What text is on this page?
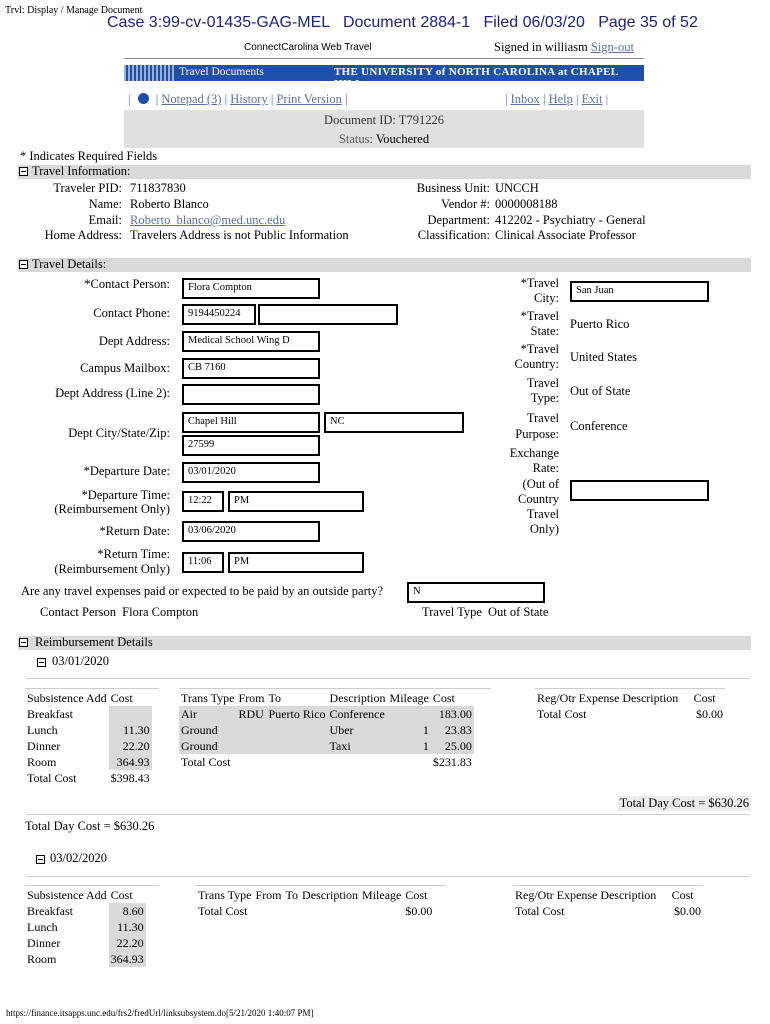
Trvl: Display / Manage Document
Case 3:99-cv-01435-GAG-MEL   Document 2884-1   Filed 06/03/20   Page 35 of 52
ConnectCarolina Web Travel	Signed in williasm Sign-out
Travel Documents	THE UNIVERSITY of NORTH CAROLINA at CHAPEL HILL
| | Notepad (3) | History | Print Version |	| Inbox | Help | Exit |
Document ID: T791226
Status: Vouchered
* Indicates Required Fields
Travel Information:
Traveler PID: 711837830
Name: Roberto Blanco
Email: Roberto_blanco@med.unc.edu
Home Address: Travelers Address is not Public Information
Business Unit: UNCCH
Vendor #: 0000008188
Department: 412202 - Psychiatry - General
Classification: Clinical Associate Professor
Travel Details:
*Contact Person:	Flora Compton
Contact Phone:	9194450224
Dept Address:	Medical School Wing D
Campus Mailbox:	CB 7160
Dept Address (Line 2):
Dept City/State/Zip:
Chapel Hill	NC
27599
*Departure Date:	03/01/2020
*Departure Time:
(Reimbursement Only)
12:22	PM
*Return Date:	03/06/2020
*Return Time:
(Reimbursement Only)
11:06	PM
*Travel
City:
San Juan
*Travel
State: Puerto Rico
*Travel
Country: United States
Travel
Type: Out of State
Travel
Purpose:
Conference
Exchange
Rate:
(Out of
Country
Travel
Only)
Are any travel expenses paid or expected to be paid by an outside party?	N
Contact Person Flora Compton	Travel Type Out of State
Reimbursement Details
03/01/2020
Subsistence Add	Cost
Breakfast	
Lunch	11.30
Dinner	22.20
Room	364.93
Total Cost	$398.43
Trans Type	From	To	Description	Mileage	Cost
Air	RDU	Puerto Rico	Conference		183.00
Ground			Uber	1	23.83
Ground			Taxi	1	25.00
Total Cost					$231.83
Reg/Otr Expense Description	Cost
Total Cost	$0.00
Total Day Cost = $630.26
Total Day Cost = $630.26
03/02/2020
Subsistence Add	Cost
Breakfast	8.60
Lunch	11.30
Dinner	22.20
Room	364.93
Trans Type	From	To	Description	Mileage	Cost
Total Cost					$0.00
Reg/Otr Expense Description	Cost
Total Cost	$0.00
https://finance.itsapps.unc.edu/frs2/fredUrl/linksubsystem.do[5/21/2020 1:40:07 PM]
